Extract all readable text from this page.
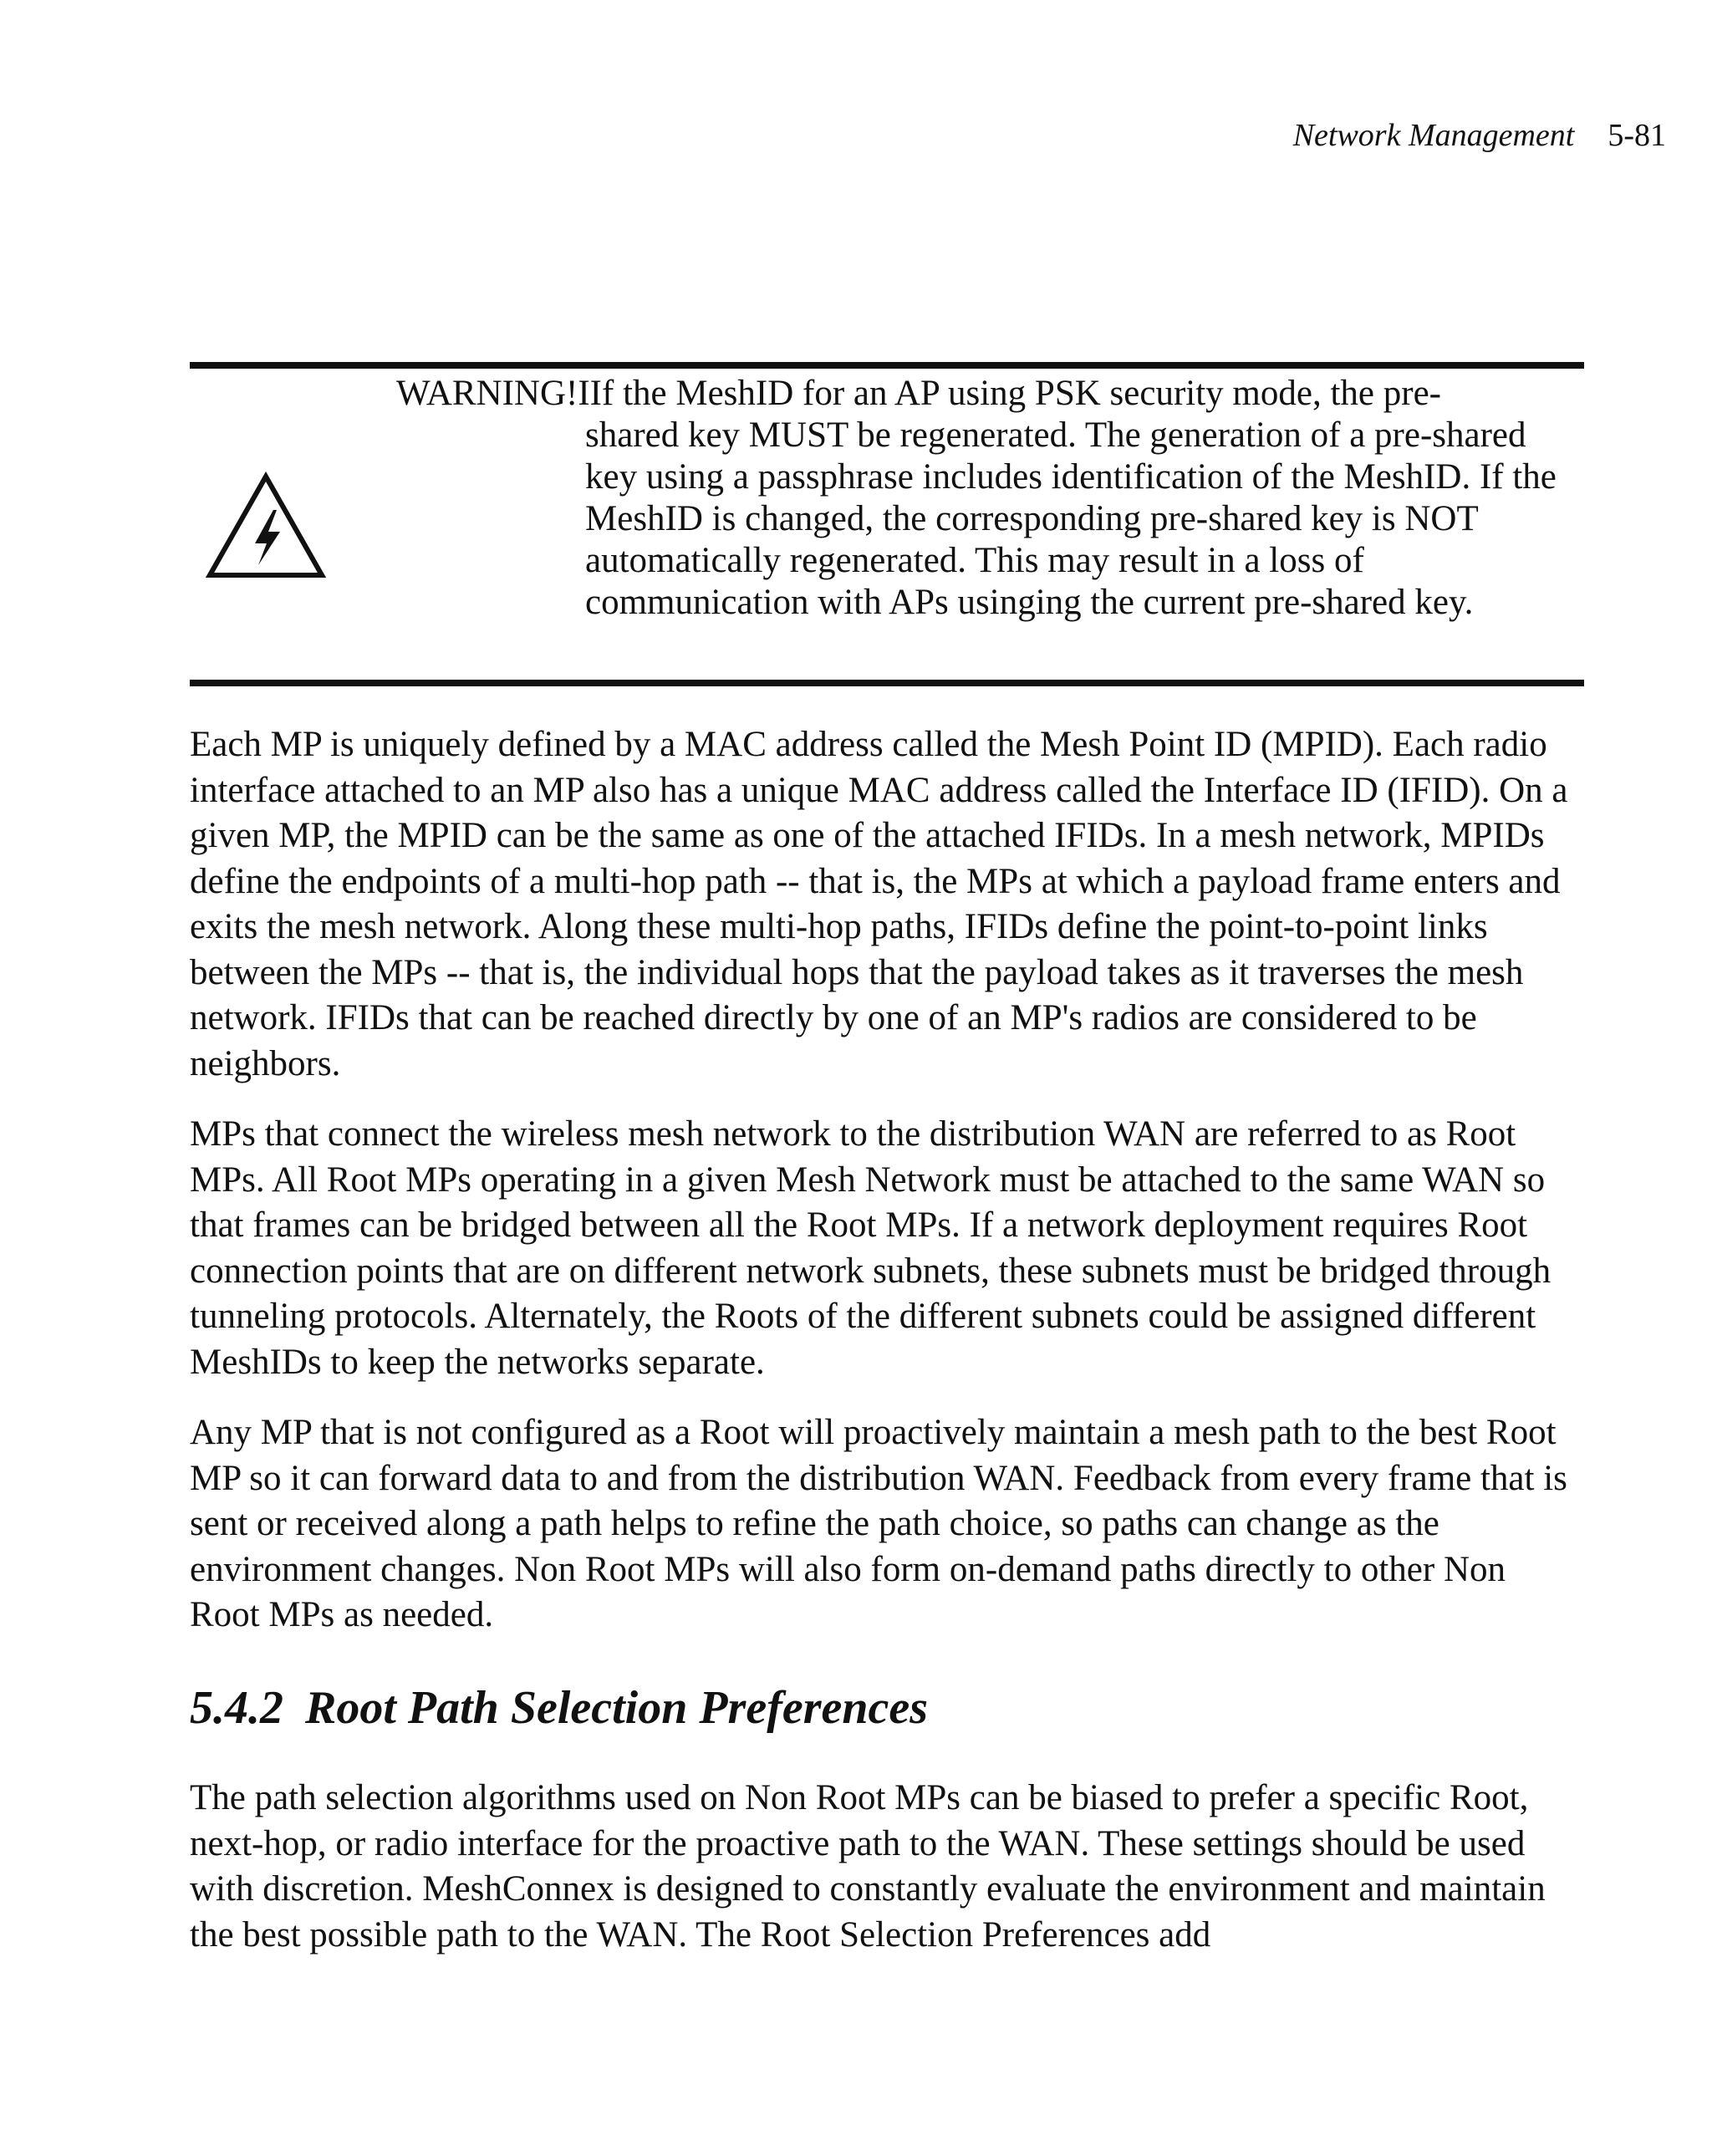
Network Management 5-81
WARNING!IIf the MeshID for an AP using PSK security mode, the pre-
shared key MUST be regenerated. The generation of a pre-shared key using a passphrase includes identification of the MeshID. If the MeshID is changed, the corresponding pre-shared key is NOT automatically regenerated. This may result in a loss of communication with APs usinging the current pre-shared key.

Each MP is uniquely defined by a MAC address called the Mesh Point ID (MPID). Each radio interface attached to an MP also has a unique MAC address called the Interface ID (IFID). On a given MP, the MPID can be the same as one of the attached IFIDs. In a mesh network, MPIDs define the endpoints of a multi-hop path -- that is, the MPs at which a payload frame enters and exits the mesh network. Along these multi-hop paths, IFIDs define the point-to-point links between the MPs -- that is, the individual hops that the payload takes as it traverses the mesh network. IFIDs that can be reached directly by one of an MP's radios are considered to be neighbors.

MPs that connect the wireless mesh network to the distribution WAN are referred to as Root MPs. All Root MPs operating in a given Mesh Network must be attached to the same WAN so that frames can be bridged between all the Root MPs. If a network deployment requires Root connection points that are on different network subnets, these subnets must be bridged through tunneling protocols. Alternately, the Roots of the different subnets could be assigned different MeshIDs to keep the networks separate.

Any MP that is not configured as a Root will proactively maintain a mesh path to the best Root MP so it can forward data to and from the distribution WAN. Feedback from every frame that is sent or received along a path helps to refine the path choice, so paths can change as the environment changes. Non Root MPs will also form on-demand paths directly to other Non Root MPs as needed.

5.4.2 Root Path Selection Preferences

The path selection algorithms used on Non Root MPs can be biased to prefer a specific Root, next-hop, or radio interface for the proactive path to the WAN. These settings should be used with discretion. MeshConnex is designed to constantly evaluate the environment and maintain the best possible path to the WAN. The Root Selection Preferences add
